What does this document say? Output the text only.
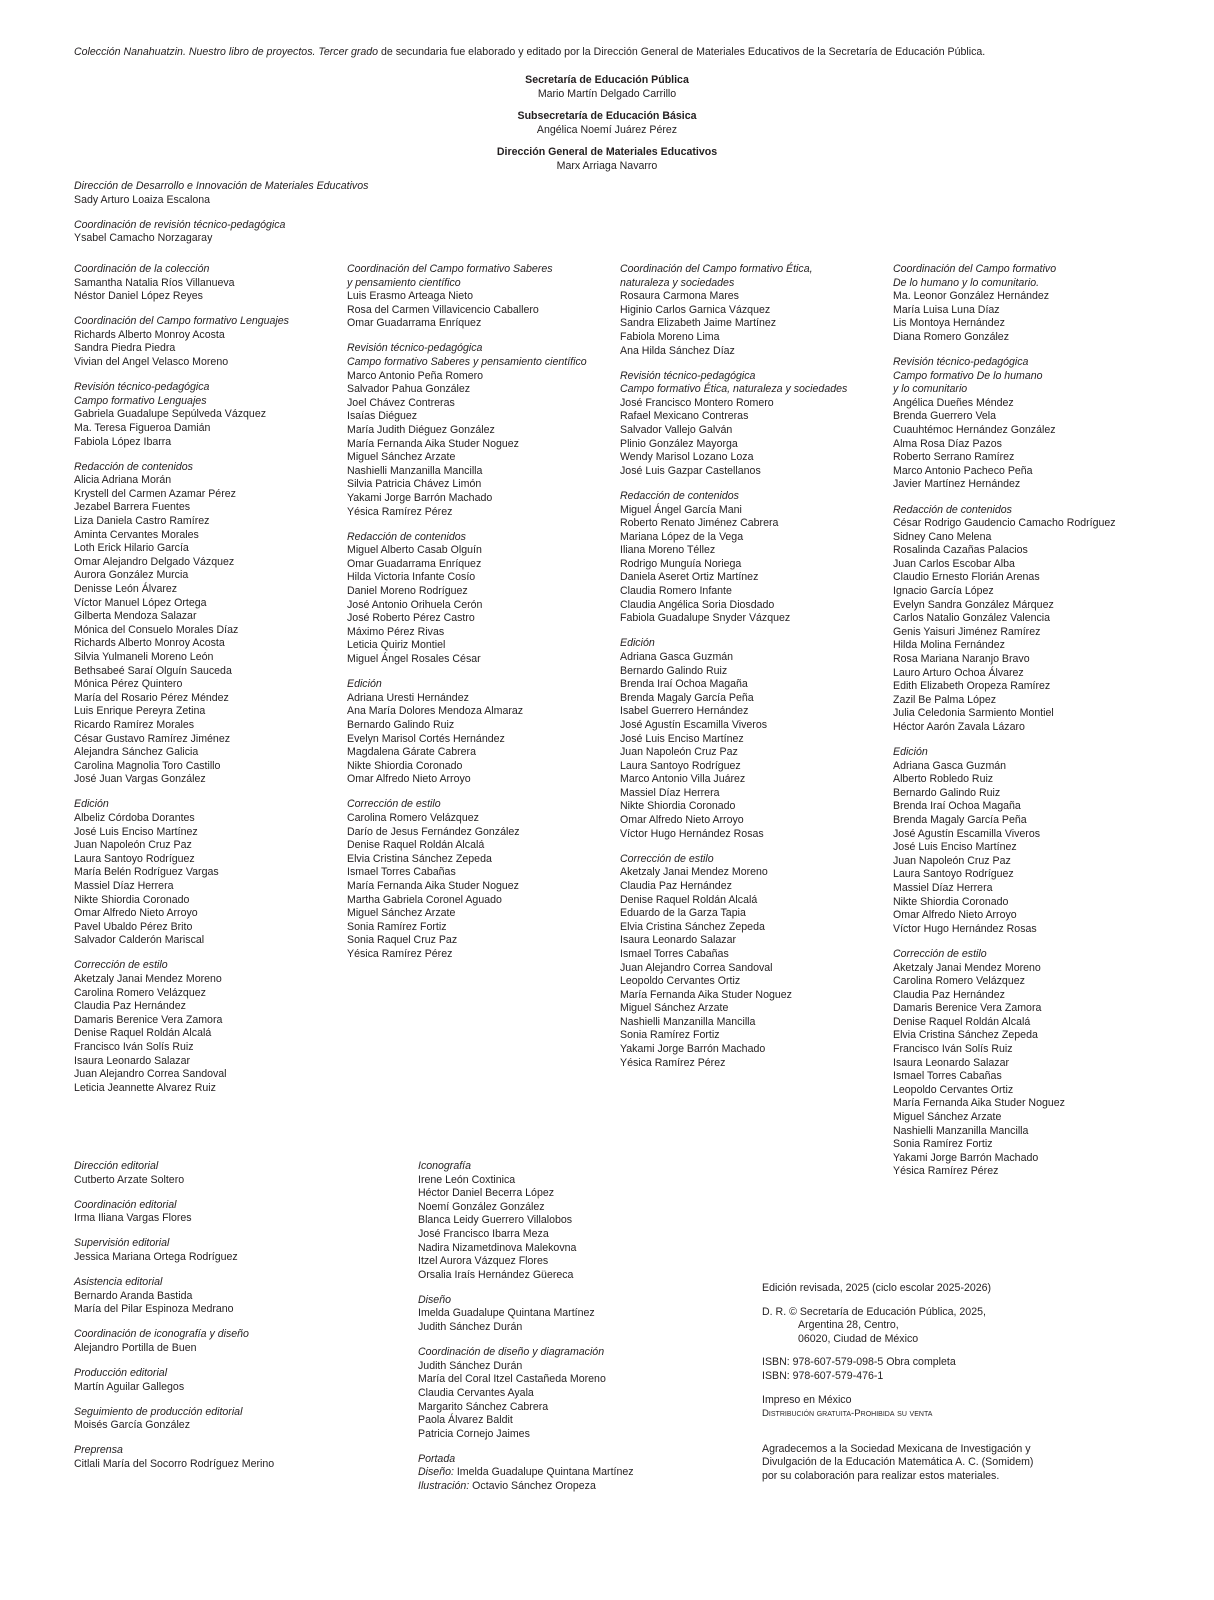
Colección Nanahuatzin. Nuestro libro de proyectos. Tercer grado de secundaria fue elaborado y editado por la Dirección General de Materiales Educativos de la Secretaría de Educación Pública.
Secretaría de Educación Pública
Mario Martín Delgado Carrillo
Subsecretaría de Educación Básica
Angélica Noemí Juárez Pérez
Dirección General de Materiales Educativos
Marx Arriaga Navarro
Dirección de Desarrollo e Innovación de Materiales Educativos
Sady Arturo Loaiza Escalona
Coordinación de revisión técnico-pedagógica
Ysabel Camacho Norzagaray
Coordinación de la colección
Samantha Natalia Ríos Villanueva
Néstor Daniel López Reyes
Coordinación del Campo formativo Lenguajes
Richards Alberto Monroy Acosta
Sandra Piedra Piedra
Vivian del Angel Velasco Moreno
Revisión técnico-pedagógica
Campo formativo Lenguajes
Gabriela Guadalupe Sepúlveda Vázquez
Ma. Teresa Figueroa Damián
Fabiola López Ibarra
Redacción de contenidos
Alicia Adriana Morán
Krystell del Carmen Azamar Pérez
Jezabel Barrera Fuentes
Liza Daniela Castro Ramírez
Aminta Cervantes Morales
Loth Erick Hilario García
Omar Alejandro Delgado Vázquez
Aurora González Murcia
Denisse León Álvarez
Víctor Manuel López Ortega
Gilberta Mendoza Salazar
Mónica del Consuelo Morales Díaz
Richards Alberto Monroy Acosta
Silvia Yulmaneli Moreno León
Bethsabeé Saraí Olguín Sauceda
Mónica Pérez Quintero
María del Rosario Pérez Méndez
Luis Enrique Pereyra Zetina
Ricardo Ramírez Morales
César Gustavo Ramírez Jiménez
Alejandra Sánchez Galicia
Carolina Magnolia Toro Castillo
José Juan Vargas González
Edición
Albeliz Córdoba Dorantes
José Luis Enciso Martínez
Juan Napoleón Cruz Paz
Laura Santoyo Rodríguez
María Belén Rodríguez Vargas
Massiel Díaz Herrera
Nikte Shiordia Coronado
Omar Alfredo Nieto Arroyo
Pavel Ubaldo Pérez Brito
Salvador Calderón Mariscal
Corrección de estilo
Aketzaly Janai Mendez Moreno
Carolina Romero Velázquez
Claudia Paz Hernández
Damaris Berenice Vera Zamora
Denise Raquel Roldán Alcalá
Francisco Iván Solís Ruiz
Isaura Leonardo Salazar
Juan Alejandro Correa Sandoval
Leticia Jeannette Alvarez Ruiz
Coordinación del Campo formativo Saberes
y pensamiento científico
Luis Erasmo Arteaga Nieto
Rosa del Carmen Villavicencio Caballero
Omar Guadarrama Enríquez
Revisión técnico-pedagógica
Campo formativo Saberes y pensamiento científico
Marco Antonio Peña Romero
Salvador Pahua González
Joel Chávez Contreras
Isaías Diéguez
María Judith Diéguez González
María Fernanda Aika Studer Noguez
Miguel Sánchez Arzate
Nashielli Manzanilla Mancilla
Silvia Patricia Chávez Limón
Yakami Jorge Barrón Machado
Yésica Ramírez Pérez
Redacción de contenidos
Miguel Alberto Casab Olguín
Omar Guadarrama Enríquez
Hilda Victoria Infante Cosío
Daniel Moreno Rodríguez
José Antonio Orihuela Cerón
José Roberto Pérez Castro
Máximo Pérez Rivas
Leticia Quiriz Montiel
Miguel Ángel Rosales César
Edición
Adriana Uresti Hernández
Ana María Dolores Mendoza Almaraz
Bernardo Galindo Ruiz
Evelyn Marisol Cortés Hernández
Magdalena Gárate Cabrera
Nikte Shiordia Coronado
Omar Alfredo Nieto Arroyo
Corrección de estilo
Carolina Romero Velázquez
Darío de Jesus Fernández González
Denise Raquel Roldán Alcalá
Elvia Cristina Sánchez Zepeda
Ismael Torres Cabañas
María Fernanda Aika Studer Noguez
Martha Gabriela Coronel Aguado
Miguel Sánchez Arzate
Sonia Ramírez Fortiz
Sonia Raquel Cruz Paz
Yésica Ramírez Pérez
Coordinación del Campo formativo Ética,
naturaleza y sociedades
Rosaura Carmona Mares
Higinio Carlos Garnica Vázquez
Sandra Elizabeth Jaime Martínez
Fabiola Moreno Lima
Ana Hilda Sánchez Díaz
Revisión técnico-pedagógica
Campo formativo Ética, naturaleza y sociedades
José Francisco Montero Romero
Rafael Mexicano Contreras
Salvador Vallejo Galván
Plinio González Mayorga
Wendy Marisol Lozano Loza
José Luis Gazpar Castellanos
Redacción de contenidos
Miguel Ángel García Mani
Roberto Renato Jiménez Cabrera
Mariana López de la Vega
Iliana Moreno Téllez
Rodrigo Munguía Noriega
Daniela Aseret Ortiz Martínez
Claudia Romero Infante
Claudia Angélica Soria Diosdado
Fabiola Guadalupe Snyder Vázquez
Edición
Adriana Gasca Guzmán
Bernardo Galindo Ruiz
Brenda Iraí Ochoa Magaña
Brenda Magaly García Peña
Isabel Guerrero Hernández
José Agustín Escamilla Viveros
José Luis Enciso Martínez
Juan Napoleón Cruz Paz
Laura Santoyo Rodríguez
Marco Antonio Villa Juárez
Massiel Díaz Herrera
Nikte Shiordia Coronado
Omar Alfredo Nieto Arroyo
Víctor Hugo Hernández Rosas
Corrección de estilo
Aketzaly Janai Mendez Moreno
Claudia Paz Hernández
Denise Raquel Roldán Alcalá
Eduardo de la Garza Tapia
Elvia Cristina Sánchez Zepeda
Isaura Leonardo Salazar
Ismael Torres Cabañas
Juan Alejandro Correa Sandoval
Leopoldo Cervantes Ortiz
María Fernanda Aika Studer Noguez
Miguel Sánchez Arzate
Nashielli Manzanilla Mancilla
Sonia Ramírez Fortiz
Yakami Jorge Barrón Machado
Yésica Ramírez Pérez
Coordinación del Campo formativo
De lo humano y lo comunitario.
Ma. Leonor González Hernández
María Luisa Luna Díaz
Lis Montoya Hernández
Diana Romero González
Revisión técnico-pedagógica
Campo formativo De lo humano
y lo comunitario
Angélica Dueñes Méndez
Brenda Guerrero Vela
Cuauhtémoc Hernández González
Alma Rosa Díaz Pazos
Roberto Serrano Ramírez
Marco Antonio Pacheco Peña
Javier Martínez Hernández
Redacción de contenidos
César Rodrigo Gaudencio Camacho Rodríguez
Sidney Cano Melena
Rosalinda Cazañas Palacios
Juan Carlos Escobar Alba
Claudio Ernesto Florián Arenas
Ignacio García López
Evelyn Sandra González Márquez
Carlos Natalio González Valencia
Genis Yaisuri Jiménez Ramírez
Hilda Molina Fernández
Rosa Mariana Naranjo Bravo
Lauro Arturo Ochoa Álvarez
Edith Elizabeth Oropeza Ramírez
Zazil Be Palma López
Julia Celedonia Sarmiento Montiel
Héctor Aarón Zavala Lázaro
Edición
Adriana Gasca Guzmán
Alberto Robledo Ruiz
Bernardo Galindo Ruiz
Brenda Iraí Ochoa Magaña
Brenda Magaly García Peña
José Agustín Escamilla Viveros
José Luis Enciso Martínez
Juan Napoleón Cruz Paz
Laura Santoyo Rodríguez
Massiel Díaz Herrera
Nikte Shiordia Coronado
Omar Alfredo Nieto Arroyo
Víctor Hugo Hernández Rosas
Corrección de estilo
Aketzaly Janai Mendez Moreno
Carolina Romero Velázquez
Claudia Paz Hernández
Damaris Berenice Vera Zamora
Denise Raquel Roldán Alcalá
Elvia Cristina Sánchez Zepeda
Francisco Iván Solís Ruiz
Isaura Leonardo Salazar
Ismael Torres Cabañas
Leopoldo Cervantes Ortiz
María Fernanda Aika Studer Noguez
Miguel Sánchez Arzate
Nashielli Manzanilla Mancilla
Sonia Ramírez Fortiz
Yakami Jorge Barrón Machado
Yésica Ramírez Pérez
Dirección editorial
Cutberto Arzate Soltero
Coordinación editorial
Irma Iliana Vargas Flores
Supervisión editorial
Jessica Mariana Ortega Rodríguez
Asistencia editorial
Bernardo Aranda Bastida
María del Pilar Espinoza Medrano
Coordinación de iconografía y diseño
Alejandro Portilla de Buen
Producción editorial
Martín Aguilar Gallegos
Seguimiento de producción editorial
Moisés García González
Preprensa
Citlali María del Socorro Rodríguez Merino
Iconografía
Irene León Coxtinica
Héctor Daniel Becerra López
Noemí González González
Blanca Leidy Guerrero Villalobos
José Francisco Ibarra Meza
Nadira Nizametdinova Malekovna
Itzel Aurora Vázquez Flores
Orsalia Iraís Hernández Güereca
Diseño
Imelda Guadalupe Quintana Martínez
Judith Sánchez Durán
Coordinación de diseño y diagramación
Judith Sánchez Durán
María del Coral Itzel Castañeda Moreno
Claudia Cervantes Ayala
Margarito Sánchez Cabrera
Paola Álvarez Baldit
Patricia Cornejo Jaimes
Portada
Diseño: Imelda Guadalupe Quintana Martínez
Ilustración: Octavio Sánchez Oropeza
Edición revisada, 2025 (ciclo escolar 2025-2026)
D. R. © Secretaría de Educación Pública, 2025,
Argentina 28, Centro,
06020, Ciudad de México
ISBN: 978-607-579-098-5 Obra completa
ISBN: 978-607-579-476-1
Impreso en México
Distribución gratuita-Prohibida su venta
Agradecemos a la Sociedad Mexicana de Investigación y
Divulgación de la Educación Matemática A. C. (Somidem)
por su colaboración para realizar estos materiales.
